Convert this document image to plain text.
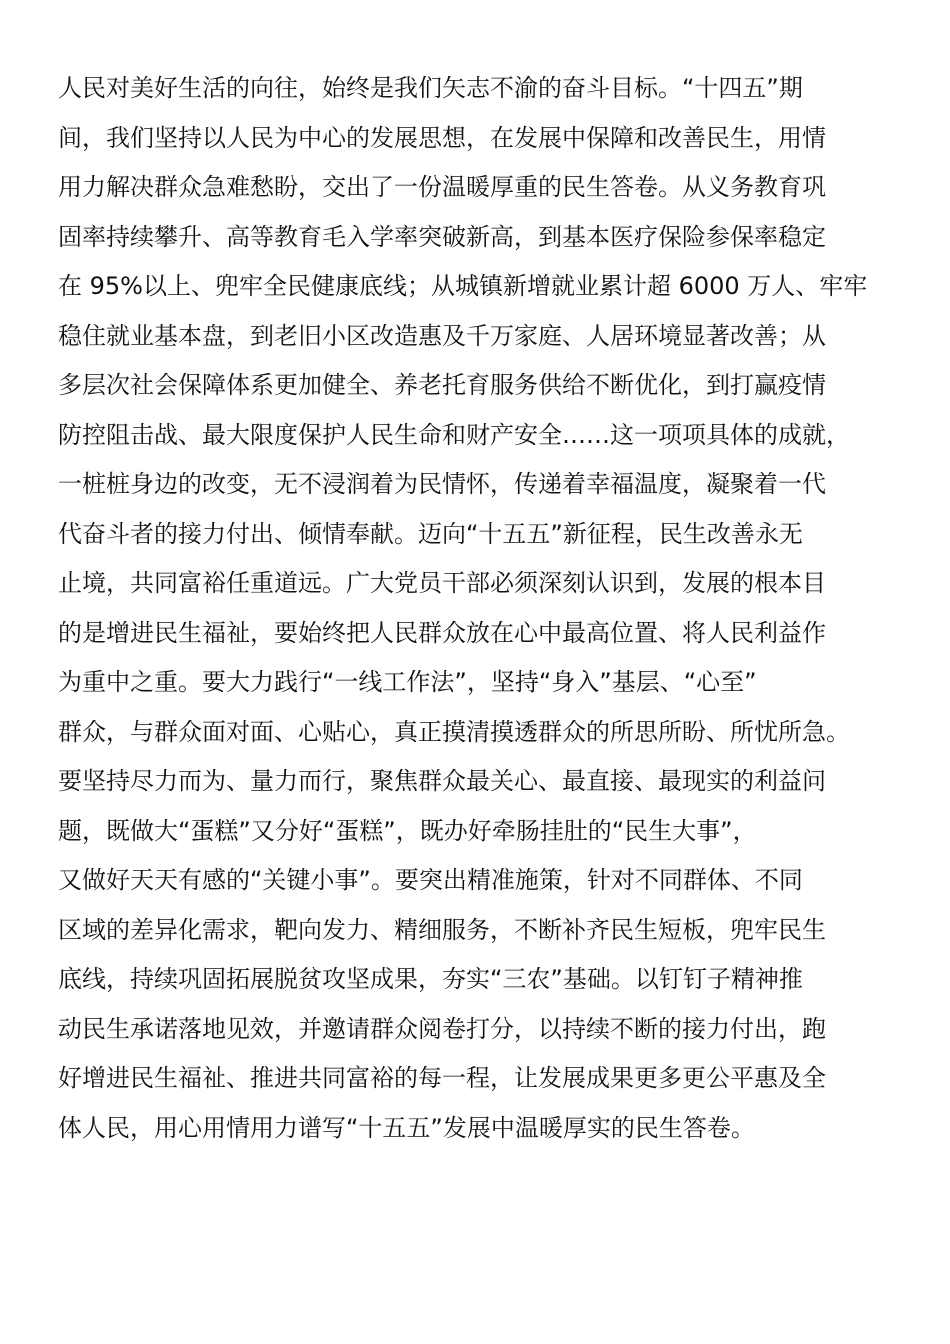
人民对美好生活的向往，始终是我们矢志不渝的奋斗目标。“十四五”期
间，我们坚持以人民为中心的发展思想，在发展中保障和改善民生，用情
用力解决群众急难愁盼，交出了一份温暖厚重的民生答卷。从义务教育巩
固率持续攀升、高等教育毛入学率突破新高，到基本医疗保险参保率稳定
在 95%以上、兜牢全民健康底线；从城镇新增就业累计超 6000 万人、牢牢
稳住就业基本盘，到老旧小区改造惠及千万家庭、人居环境显著改善；从
多层次社会保障体系更加健全、养老托育服务供给不断优化，到打赢疫情
防控阻击战、最大限度保护人民生命和财产安全……这一项项具体的成就，
一桩桩身边的改变，无不浸润着为民情怀，传递着幸福温度，凝聚着一代
代奋斗者的接力付出、倾情奉献。迈向“十五五”新征程，民生改善永无
止境，共同富裕任重道远。广大党员干部必须深刻认识到，发展的根本目
的是增进民生福祉，要始终把人民群众放在心中最高位置、将人民利益作
为重中之重。要大力践行“一线工作法”，坚持“身入”基层、“心至”
群众，与群众面对面、心贴心，真正摸清摸透群众的所思所盼、所忧所急。
要坚持尽力而为、量力而行，聚焦群众最关心、最直接、最现实的利益问
题，既做大“蛋糕”又分好“蛋糕”，既办好牵肠挂肚的“民生大事”，
又做好天天有感的“关键小事”。要突出精准施策，针对不同群体、不同
区域的差异化需求，靶向发力、精细服务，不断补齐民生短板，兜牢民生
底线，持续巩固拓展脱贫攻坚成果，夯实“三农”基础。以钉钉子精神推
动民生承诺落地见效，并邀请群众阅卷打分，以持续不断的接力付出，跑
好增进民生福祉、推进共同富裕的每一程，让发展成果更多更公平惠及全
体人民，用心用情用力谱写“十五五”发展中温暖厚实的民生答卷。
